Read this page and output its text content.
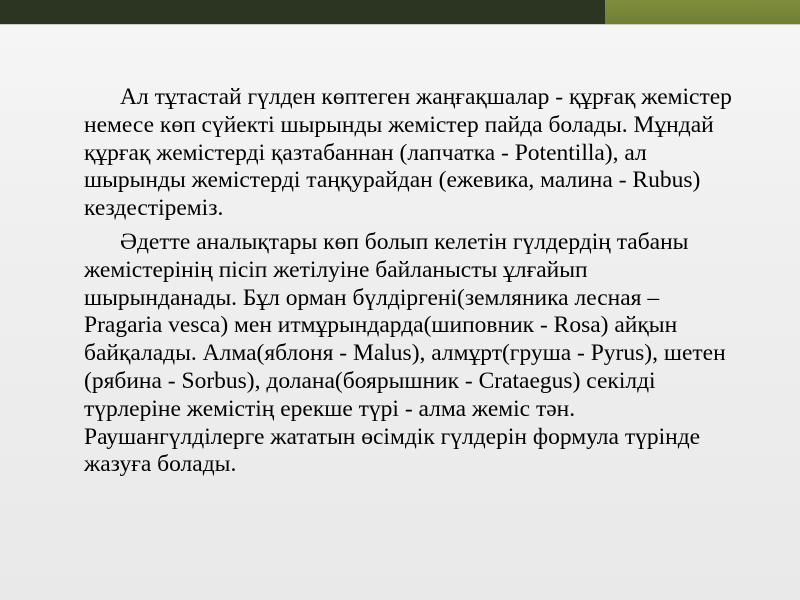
Ал тұтастай гүлден көптеген жаңғақшалар - құрғақ жемістер немесе көп сүйекті шырынды жемістер пайда болады. Мұндай құрғақ жемістерді қазтабаннан (лапчатка - Potentilla), ал шырынды жемістерді таңқурайдан (ежевика, малина - Rubus) кездестіреміз.

Әдетте аналықтары көп болып келетін гүлдердің табаны жемістерінің пісіп жетілуіне байланысты ұлғайып шырынданады. Бұл орман бүлдіргені(земляника лесная – Pragaria vesca) мен итмұрындарда(шиповник - Rosa) айқын байқалады. Алма(яблоня - Malus), алмұрт(груша - Pyrus), шетен (рябина - Sorbus), долана(боярышник - Crataegus) секілді түрлеріне жемістің ерекше түрі - алма жеміс тән. Раушангүлділерге жататын өсімдік гүлдерін формула түрінде жазуға болады.
